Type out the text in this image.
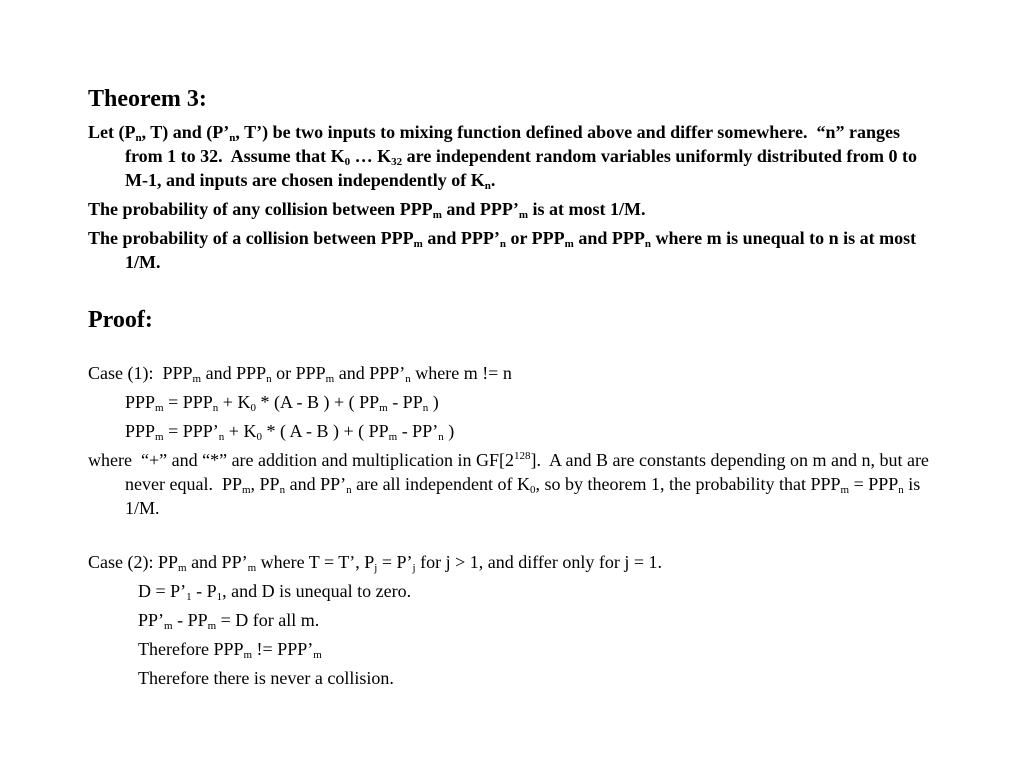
Theorem 3:

Let ($P_n$, T) and ($P’_n$, T’) be two inputs to mixing function defined above and differ somewhere.  “n” ranges from 1 to 32.  Assume that $K_0$ … $K_{32}$ are independent random variables uniformly distributed from 0 to M-1, and inputs are chosen independently of $K_n$.

The probability of any collision between $PPP_m$ and $PPP’_m$ is at most 1/M.

The probability of a collision between $PPP_m$ and $PPP’_n$ or $PPP_m$ and $PPP_n$ where m is unequal to n is at most 1/M.

Proof:
Case (1):  $PPP_m$ and $PPP_n$ or $PPP_m$ and $PPP’_n$ where m != n
$PPP_m = PPP_n + K_0 * (A - B$ ) + ( $PP_m - PP_n$ )
$PPP_m$ = $PPP’_n + K_0$ * ( A - B ) + ( $PP_m$ - $PP’_n$ )

where  “+” and “*” are addition and multiplication in $GF[2^{128}]$.  A and B are constants depending on m and n, but are never equal.  $PP_m$, $PP_n$ and $PP’_n$ are all independent of $K_0$, so by theorem 1, the probability that $PPP_m = PPP_n$ is 1/M.

Case (2): $PP_m$ and $PP’_m$ where T = T’, $P_j$ = $P’_j$ for j > 1, and differ only for j = 1.
$D = P’_1 - P_1$, and D is unequal to zero.
$PP’_m - PP_m = D$ for all m.
Therefore $PPP_m$ != $PPP’_m$
Therefore there is never a collision.
